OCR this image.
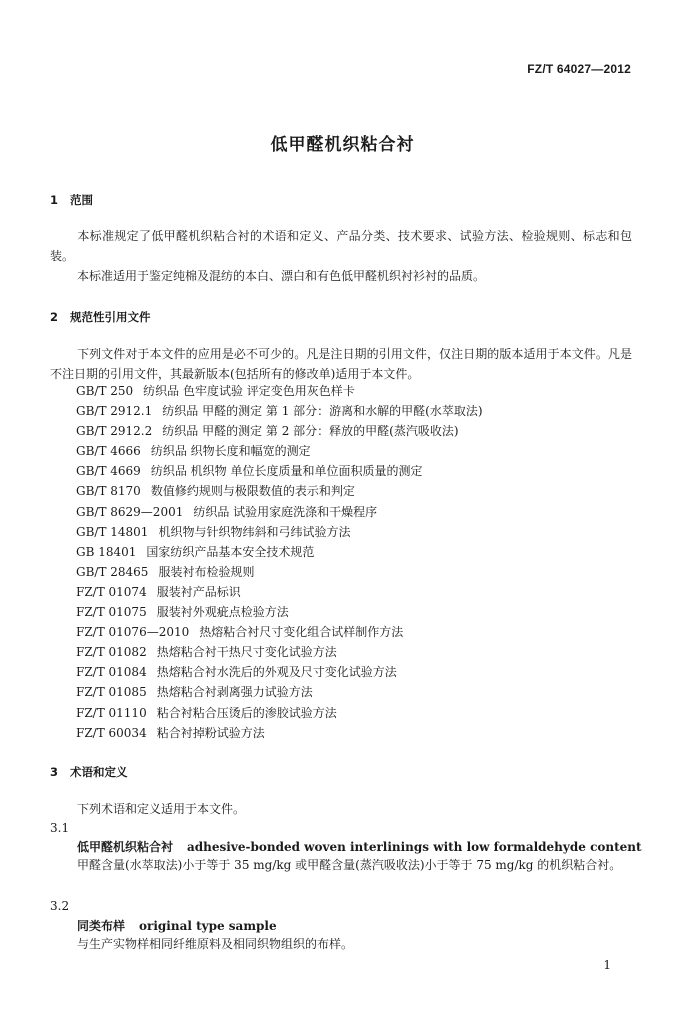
FZ/T 64027—2012
低甲醛机织粘合衬
1 范围
本标准规定了低甲醛机织粘合衬的术语和定义、产品分类、技术要求、试验方法、检验规则、标志和包装。
本标准适用于鉴定纯棉及混纺的本白、漂白和有色低甲醛机织衬衫衬的品质。
2 规范性引用文件
下列文件对于本文件的应用是必不可少的。凡是注日期的引用文件，仅注日期的版本适用于本文件。凡是不注日期的引用文件，其最新版本(包括所有的修改单)适用于本文件。
GB/T 250 纺织品 色牢度试验 评定变色用灰色样卡
GB/T 2912.1 纺织品 甲醛的测定 第 1 部分：游离和水解的甲醛(水萃取法)
GB/T 2912.2 纺织品 甲醛的测定 第 2 部分：释放的甲醛(蒸汽吸收法)
GB/T 4666 纺织品 织物长度和幅宽的测定
GB/T 4669 纺织品 机织物 单位长度质量和单位面积质量的测定
GB/T 8170 数值修约规则与极限数值的表示和判定
GB/T 8629—2001 纺织品 试验用家庭洗涤和干燥程序
GB/T 14801 机织物与针织物纬斜和弓纬试验方法
GB 18401 国家纺织产品基本安全技术规范
GB/T 28465 服装衬布检验规则
FZ/T 01074 服装衬产品标识
FZ/T 01075 服装衬外观疵点检验方法
FZ/T 01076—2010 热熔粘合衬尺寸变化组合试样制作方法
FZ/T 01082 热熔粘合衬干热尺寸变化试验方法
FZ/T 01084 热熔粘合衬水洗后的外观及尺寸变化试验方法
FZ/T 01085 热熔粘合衬剥离强力试验方法
FZ/T 01110 粘合衬粘合压烫后的渗胶试验方法
FZ/T 60034 粘合衬掉粉试验方法
3 术语和定义
下列术语和定义适用于本文件。
3.1
低甲醛机织粘合衬 adhesive-bonded woven interlinings with low formaldehyde content
甲醛含量(水萃取法)小于等于 35 mg/kg 或甲醛含量(蒸汽吸收法)小于等于 75 mg/kg 的机织粘合衬。
3.2
同类布样 original type sample
与生产实物样相同纤维原料及相同织物组织的布样。
1
